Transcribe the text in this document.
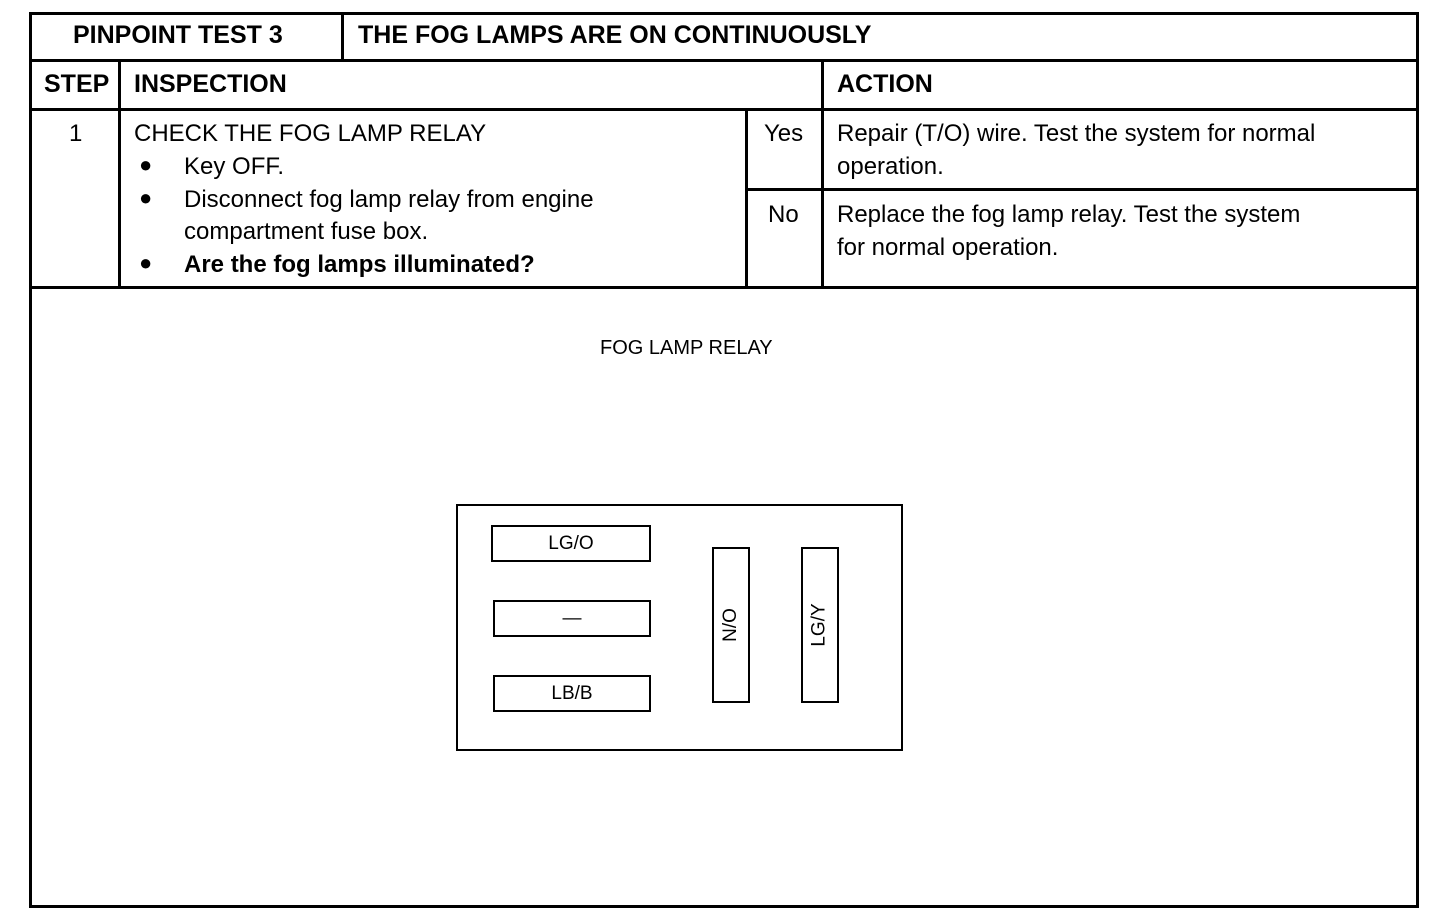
PINPOINT TEST 3	THE FOG LAMPS ARE ON CONTINUOUSLY
STEP INSPECTION	ACTION
1 CHECK THE FOG LAMP RELAY
● Key OFF.
● Disconnect fog lamp relay from engine
compartment fuse box.
● Are the fog lamps illuminated?
Yes Repair (T/O) wire. Test the system for normal
operation.
No Replace the fog lamp relay. Test the system
for normal operation.
FOG LAMP RELAY
LG/O
—
LB/B
N/O	LG/Y
